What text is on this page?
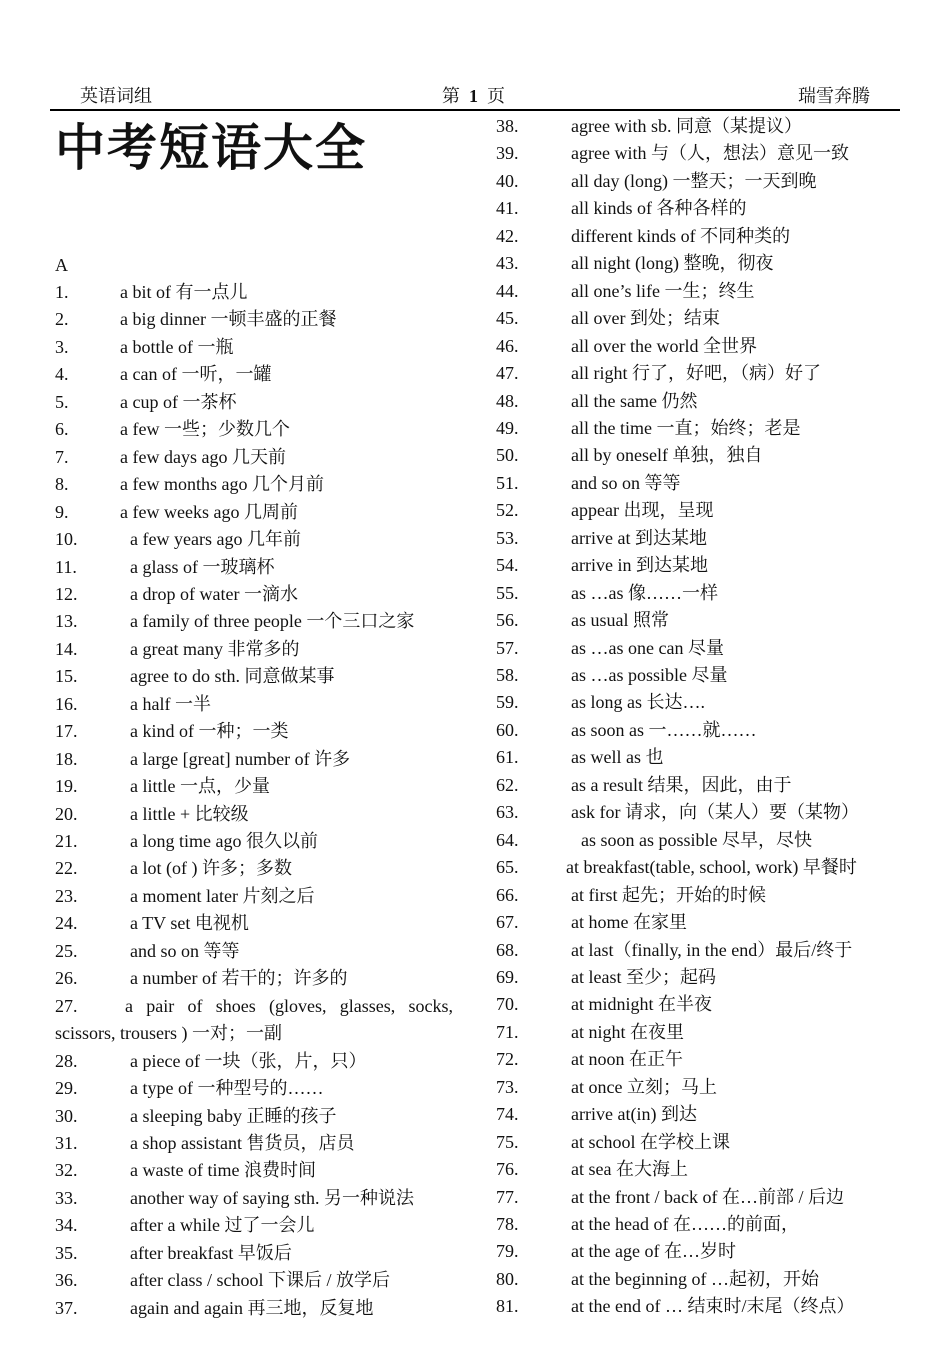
英语词组	第 1 页	瑞雪奔腾
中考短语大全
A
1.	a bit of 有一点儿
2.	a big dinner 一顿丰盛的正餐
3.	a bottle of 一瓶
4.	a can of 一听，一罐
5.	a cup of 一茶杯
6.	a few 一些；少数几个
7.	a few days ago 几天前
8.	a few months ago 几个月前
9.	a few weeks ago 几周前
10.	a few years ago 几年前
11.	a glass of 一玻璃杯
12.	a drop of water 一滴水
13.	a family of three people 一个三口之家
14.	a great many 非常多的
15.	agree to do sth. 同意做某事
16.	a half 一半
17.	a kind of 一种；一类
18.	a large [great] number of 许多
19.	a little 一点，少量
20.	a little + 比较级
21.	a long time ago 很久以前
22.	a lot (of ) 许多；多数
23.	a moment later 片刻之后
24.	a TV set 电视机
25.	and so on 等等
26.	a number of 若干的；许多的
27.	a pair of shoes (gloves, glasses, socks,
scissors, trousers ) 一对；一副
28.	a piece of 一块（张，片，只）
29.	a type of 一种型号的……
30.	a sleeping baby 正睡的孩子
31.	a shop assistant 售货员，店员
32.	a waste of time 浪费时间
33.	another way of saying sth. 另一种说法
34.	after a while 过了一会儿
35.	after breakfast 早饭后
36.	after class / school 下课后 / 放学后
37.	again and again 再三地，反复地
38.	agree with sb. 同意（某提议）
39.	agree with 与（人，想法）意见一致
40.	all day (long) 一整天；一天到晚
41.	all kinds of 各种各样的
42.	different kinds of 不同种类的
43.	all night (long) 整晚，彻夜
44.	all one’s life 一生；终生
45.	all over 到处；结束
46.	all over the world 全世界
47.	all right 行了，好吧，（病）好了
48.	all the same 仍然
49.	all the time 一直；始终；老是
50.	all by oneself 单独，独自
51.	and so on 等等
52.	appear 出现，呈现
53.	arrive at 到达某地
54.	arrive in 到达某地
55.	as …as 像……一样
56.	as usual 照常
57.	as …as one can 尽量
58.	as …as possible 尽量
59.	as long as 长达….
60.	as soon as 一……就……
61.	as well as 也
62.	as a result 结果，因此，由于
63.	ask for 请求，向（某人）要（某物）
64.	as soon as possible 尽早，尽快
65.	at breakfast(table, school, work) 早餐时
66.	at first 起先；开始的时候
67.	at home 在家里
68.	at last（finally, in the end）最后/终于
69.	at least 至少；起码
70.	at midnight 在半夜
71.	at night 在夜里
72.	at noon 在正午
73.	at once 立刻；马上
74.	arrive at(in) 到达
75.	at school 在学校上课
76.	at sea 在大海上
77.	at the front / back of 在…前部 / 后边
78.	at the head of 在……的前面，
79.	at the age of 在…岁时
80.	at the beginning of …起初，开始
81.	at the end of … 结束时/末尾（终点）
